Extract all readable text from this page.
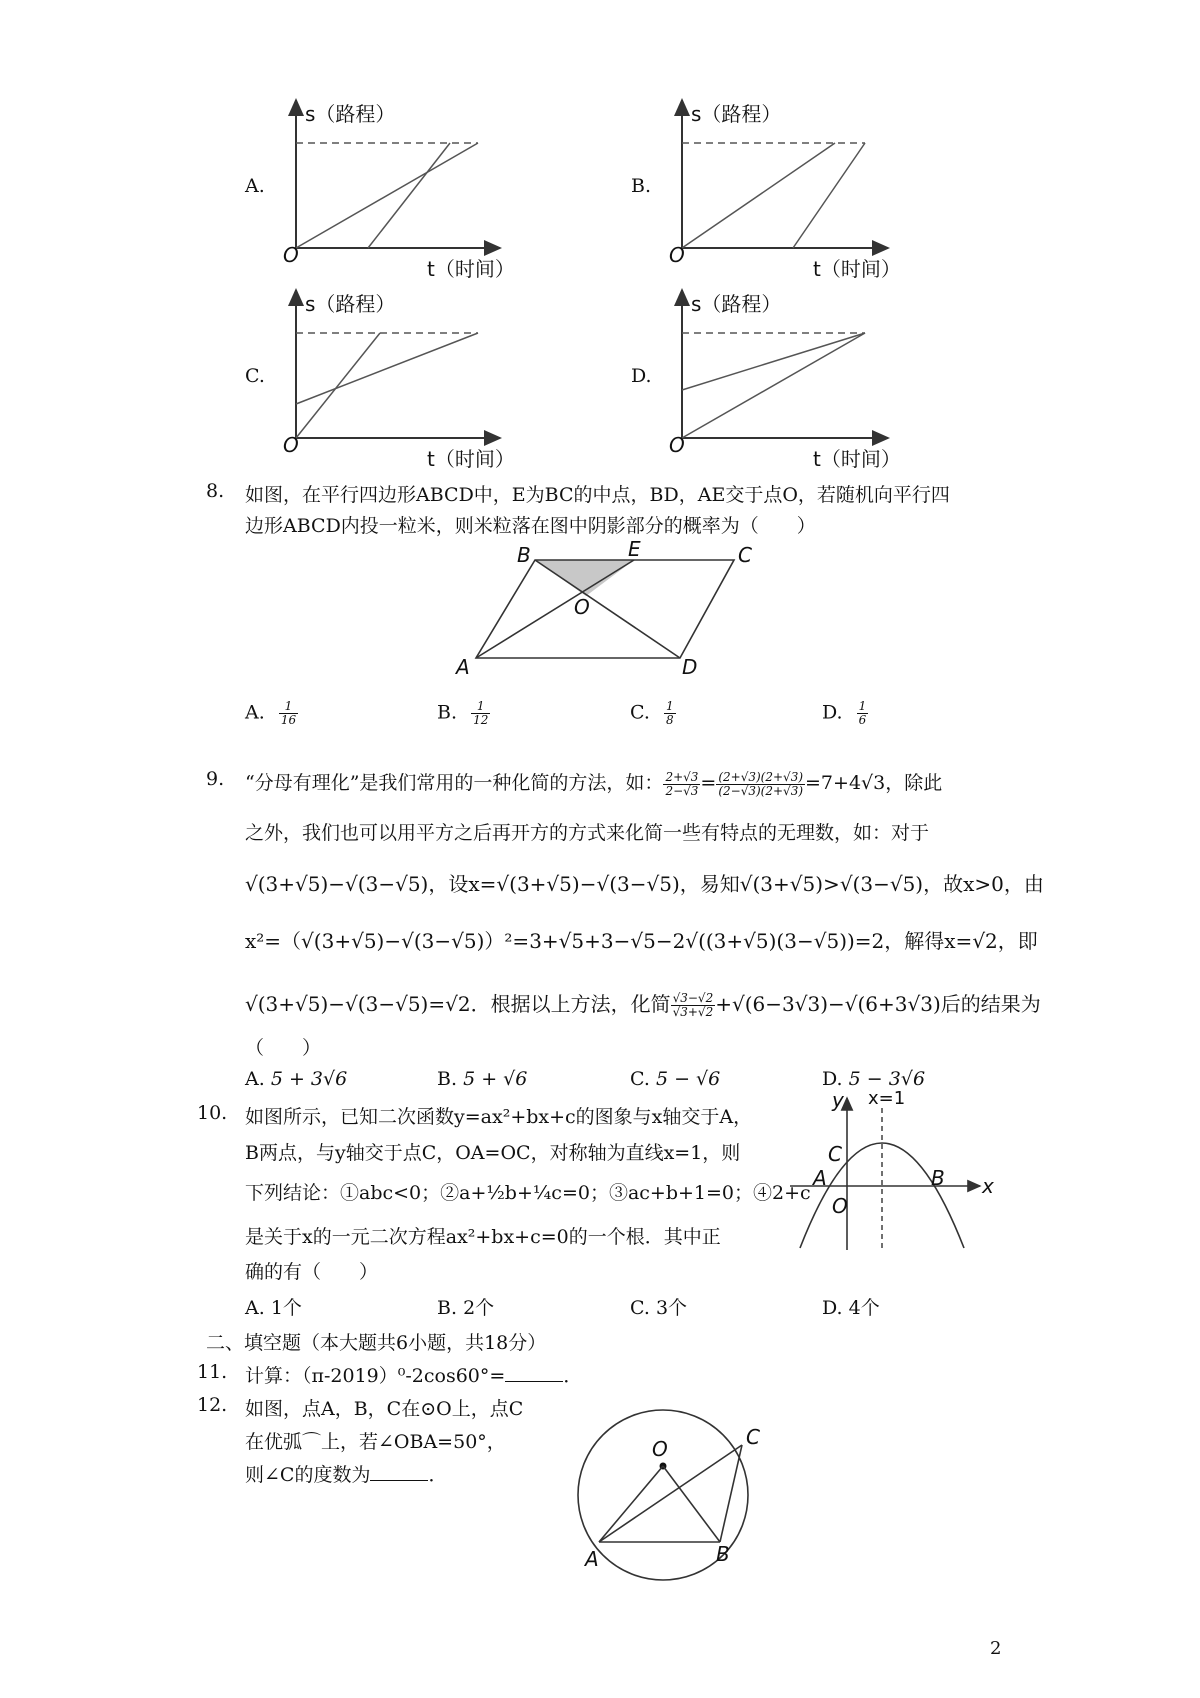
s（路程）
t（时间）
O
A.
s（路程）
t（时间）
O
B.
s（路程）
t（时间）
O
C.
s（路程）
t（时间）
O
D.
8. 如图，在平行四边形ABCD中，E为BC的中点，BD，AE交于点O，若随机向平行四
边形ABCD内投一粒米，则米粒落在图中阴影部分的概率为（　　）
B	E	C
O
A	D
A. $\frac{1}{16}$	B. $\frac{1}{12}$	C. $\frac{1}{8}$	D. $\frac{1}{6}$
9. “分母有理化”是我们常用的一种化简的方法，如： $\frac{2+√3}{2-√3} = \frac{(2+√3)(2+√3)}{(2-√3)(2+√3)} =7+4√3$，除此
之外，我们也可以用平方之后再开方的方式来化简一些有特点的无理数，如：对于
√(3+√5)−√(3−√5)，设x=√(3+√5)−√(3−√5)，易知√(3+√5)>√(3−√5)，故x>0，由
x²=（√(3+√5)−√(3−√5)）²=3+√5+3−√5−2√((3+√5)(3−√5))=2，解得x=√2，即
√(3+√5)−√(3−√5)=√2．根据以上方法，化简 $\frac{√3-√2}{√3+√2} +√(6-3√3)-√(6+3√3)$后的结果为
（　　）
A. 5 + 3√6	B. 5 + √6	C. 5 − √6	D. 5 − 3√6
10. 如图所示，已知二次函数y=ax²+bx+c的图象与x轴交于A，
B两点，与y轴交于点C，OA=OC，对称轴为直线x=1，则
下列结论：①abc<0；②a+½b+¼c=0；③ac+b+1=0；④2+c
是关于x的一元二次方程ax²+bx+c=0的一个根．其中正
确的有（　　）
y x=1
C
A	B
O
x
A. 1个	B. 2个	C. 3个	D. 4个
二、填空题（本大题共6小题，共18分）
11. 计算：（π-2019）⁰-2cos60°=	．
12. 如图，点A，B，C在⊙O上，点C
在优弧⌒上，若∠OBA=50°，
则∠C的度数为	．
O	C
A	B
2
